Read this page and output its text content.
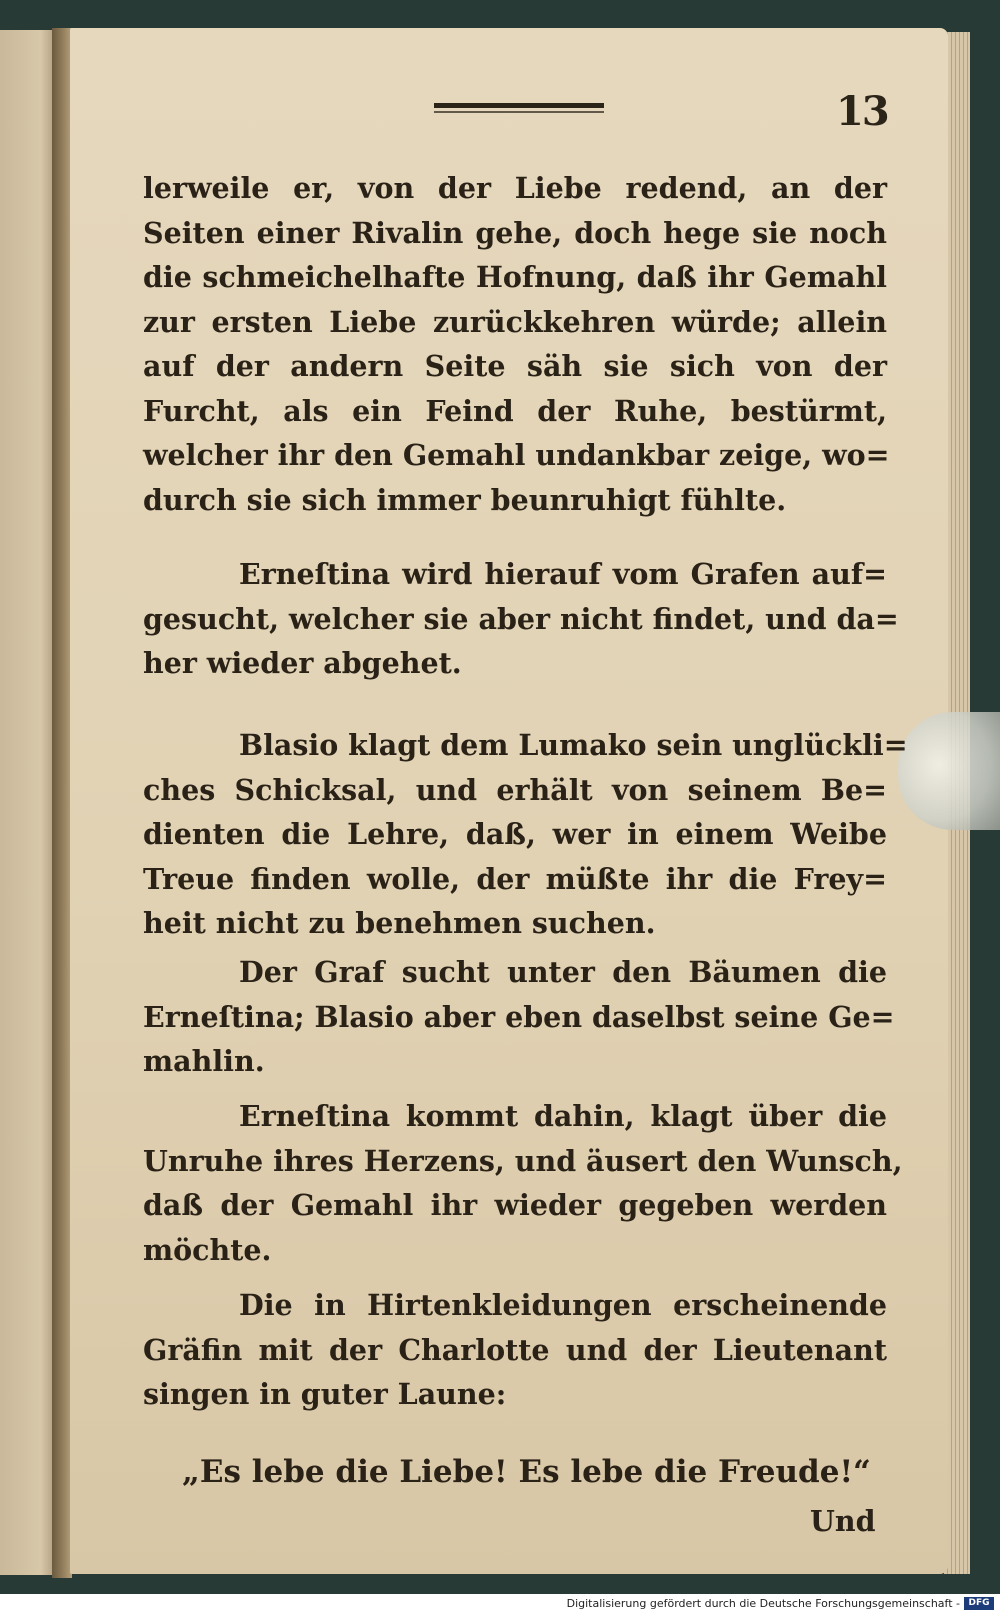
13
lerweile er, von der Liebe redend, an der
Seiten einer Rivalin gehe, doch hege sie noch
die schmeichelhafte Hofnung, daß ihr Gemahl
zur ersten Liebe zurückkehren würde; allein
auf der andern Seite säh sie sich von der
Furcht, als ein Feind der Ruhe, bestürmt,
welcher ihr den Gemahl undankbar zeige, wo=
durch sie sich immer beunruhigt fühlte.
Erneſtina wird hierauf vom Grafen auf=
gesucht, welcher sie aber nicht findet, und da=
her wieder abgehet.
Blasio klagt dem Lumako sein unglückli=
ches Schicksal, und erhält von seinem Be=
dienten die Lehre, daß, wer in einem Weibe
Treue finden wolle, der müßte ihr die Frey=
heit nicht zu benehmen suchen.
Der Graf sucht unter den Bäumen die
Erneſtina; Blasio aber eben daselbst seine Ge=
mahlin.
Erneſtina kommt dahin, klagt über die
Unruhe ihres Herzens, und äusert den Wunsch,
daß der Gemahl ihr wieder gegeben werden
möchte.
Die in Hirtenkleidungen erscheinende
Gräfin mit der Charlotte und der Lieutenant
singen in guter Laune:
„Es lebe die Liebe! Es lebe die Freude!“
Und
Digitalisierung gefördert durch die Deutsche Forschungsgemeinschaft - DFG
